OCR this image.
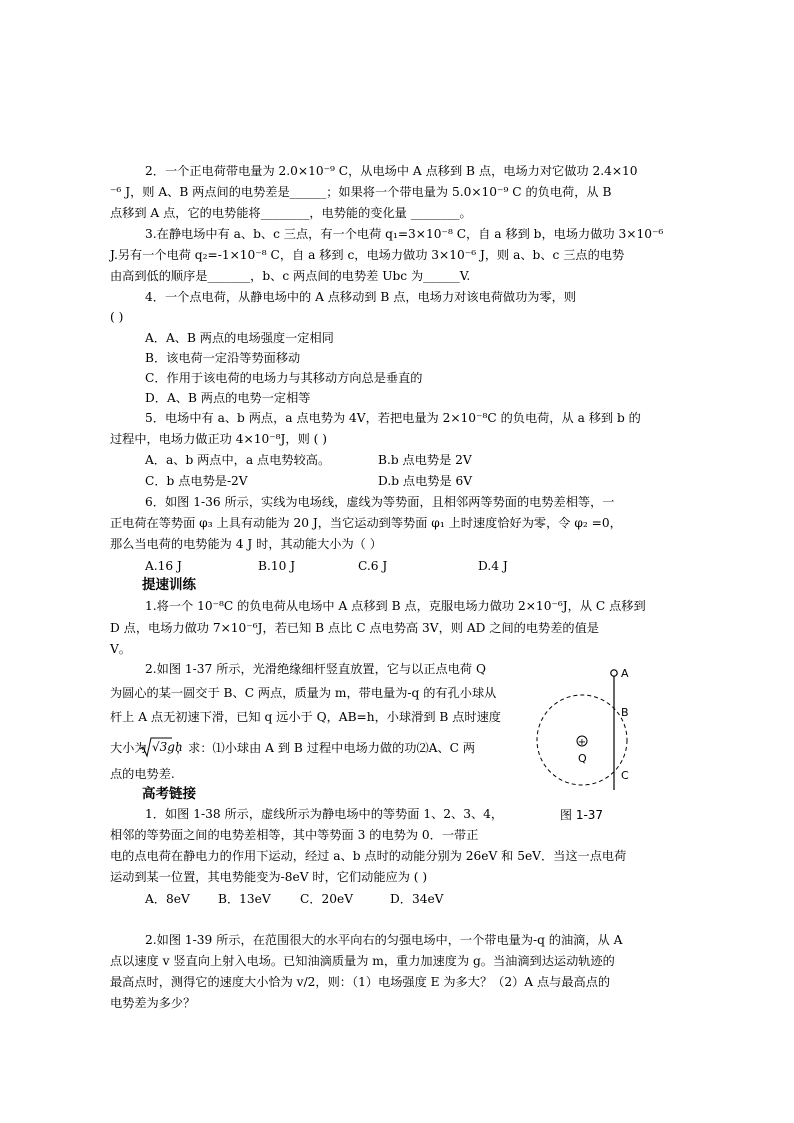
2．一个正电荷带电量为 2.0×10⁻⁹ C，从电场中 A 点移到 B 点，电场力对它做功 2.4×10
⁻⁶ J，则 A、B 两点间的电势差是______；如果将一个带电量为 5.0×10⁻⁹ C 的负电荷，从 B
点移到 A 点，它的电势能将________，电势能的变化量 ________。
3.在静电场中有 a、b、c 三点，有一个电荷 q₁=3×10⁻⁸ C，自 a 移到 b，电场力做功 3×10⁻⁶
J.另有一个电荷 q₂=-1×10⁻⁸ C，自 a 移到 c，电场力做功 3×10⁻⁶ J，则 a、b、c 三点的电势
由高到低的顺序是_______，b、c 两点间的电势差 Ubc 为______V.
4．一个点电荷，从静电场中的 A 点移动到 B 点，电场力对该电荷做功为零，则
( )
A．A、B 两点的电场强度一定相同
B．该电荷一定沿等势面移动
C．作用于该电荷的电场力与其移动方向总是垂直的
D．A、B 两点的电势一定相等
5．电场中有 a、b 两点，a 点电势为 4V，若把电量为 2×10⁻⁸C 的负电荷，从 a 移到 b 的
过程中，电场力做正功 4×10⁻⁸J，则 ( )
A．a、b 两点中，a 点电势较高。	B.b 点电势是 2V
C．b 点电势是-2V	D.b 点电势是 6V
6．如图 1-36 所示，实线为电场线，虚线为等势面，且相邻两等势面的电势差相等，一
正电荷在等势面 φ₃ 上具有动能为 20 J，当它运动到等势面 φ₁ 上时速度恰好为零，令 φ₂ =0，
那么当电荷的电势能为 4 J 时，其动能大小为（ ）
A.16 J	B.10 J	C.6 J	D.4 J
提速训练
1.将一个 10⁻⁸C 的负电荷从电场中 A 点移到 B 点，克服电场力做功 2×10⁻⁶J，从 C 点移到
D 点，电场力做功 7×10⁻⁶J，若已知 B 点比 C 点电势高 3V，则 AD 之间的电势差的值是
V。
2.如图 1-37 所示，光滑绝缘细杆竖直放置，它与以正点电荷 Q
为圆心的某一圆交于 B、C 两点，质量为 m，带电量为-q 的有孔小球从
杆上 A 点无初速下滑，已知 q 远小于 Q，AB=h，小球滑到 B 点时速度
大小为 √3gh
，求：⑴小球由 A 到 B 过程中电场力做的功⑵A、C 两
点的电势差.
+
A
B
C
Q
图 1-37
高考链接
1．如图 1-38 所示，虚线所示为静电场中的等势面 1、2、3、4，
相邻的等势面之间的电势差相等，其中等势面 3 的电势为 0．一带正
电的点电荷在静电力的作用下运动，经过 a、b 点时的动能分别为 26eV 和 5eV．当这一点电荷
运动到某一位置，其电势能变为-8eV 时，它们动能应为 ( )
A．8eV B．13eV C．20eV	D．34eV
2.如图 1-39 所示，在范围很大的水平向右的匀强电场中，一个带电量为-q 的油滴，从 A
点以速度 v 竖直向上射入电场。已知油滴质量为 m，重力加速度为 g。当油滴到达运动轨迹的
最高点时，测得它的速度大小恰为 v/2，则：（1）电场强度 E 为多大？（2）A 点与最高点的
电势差为多少？
